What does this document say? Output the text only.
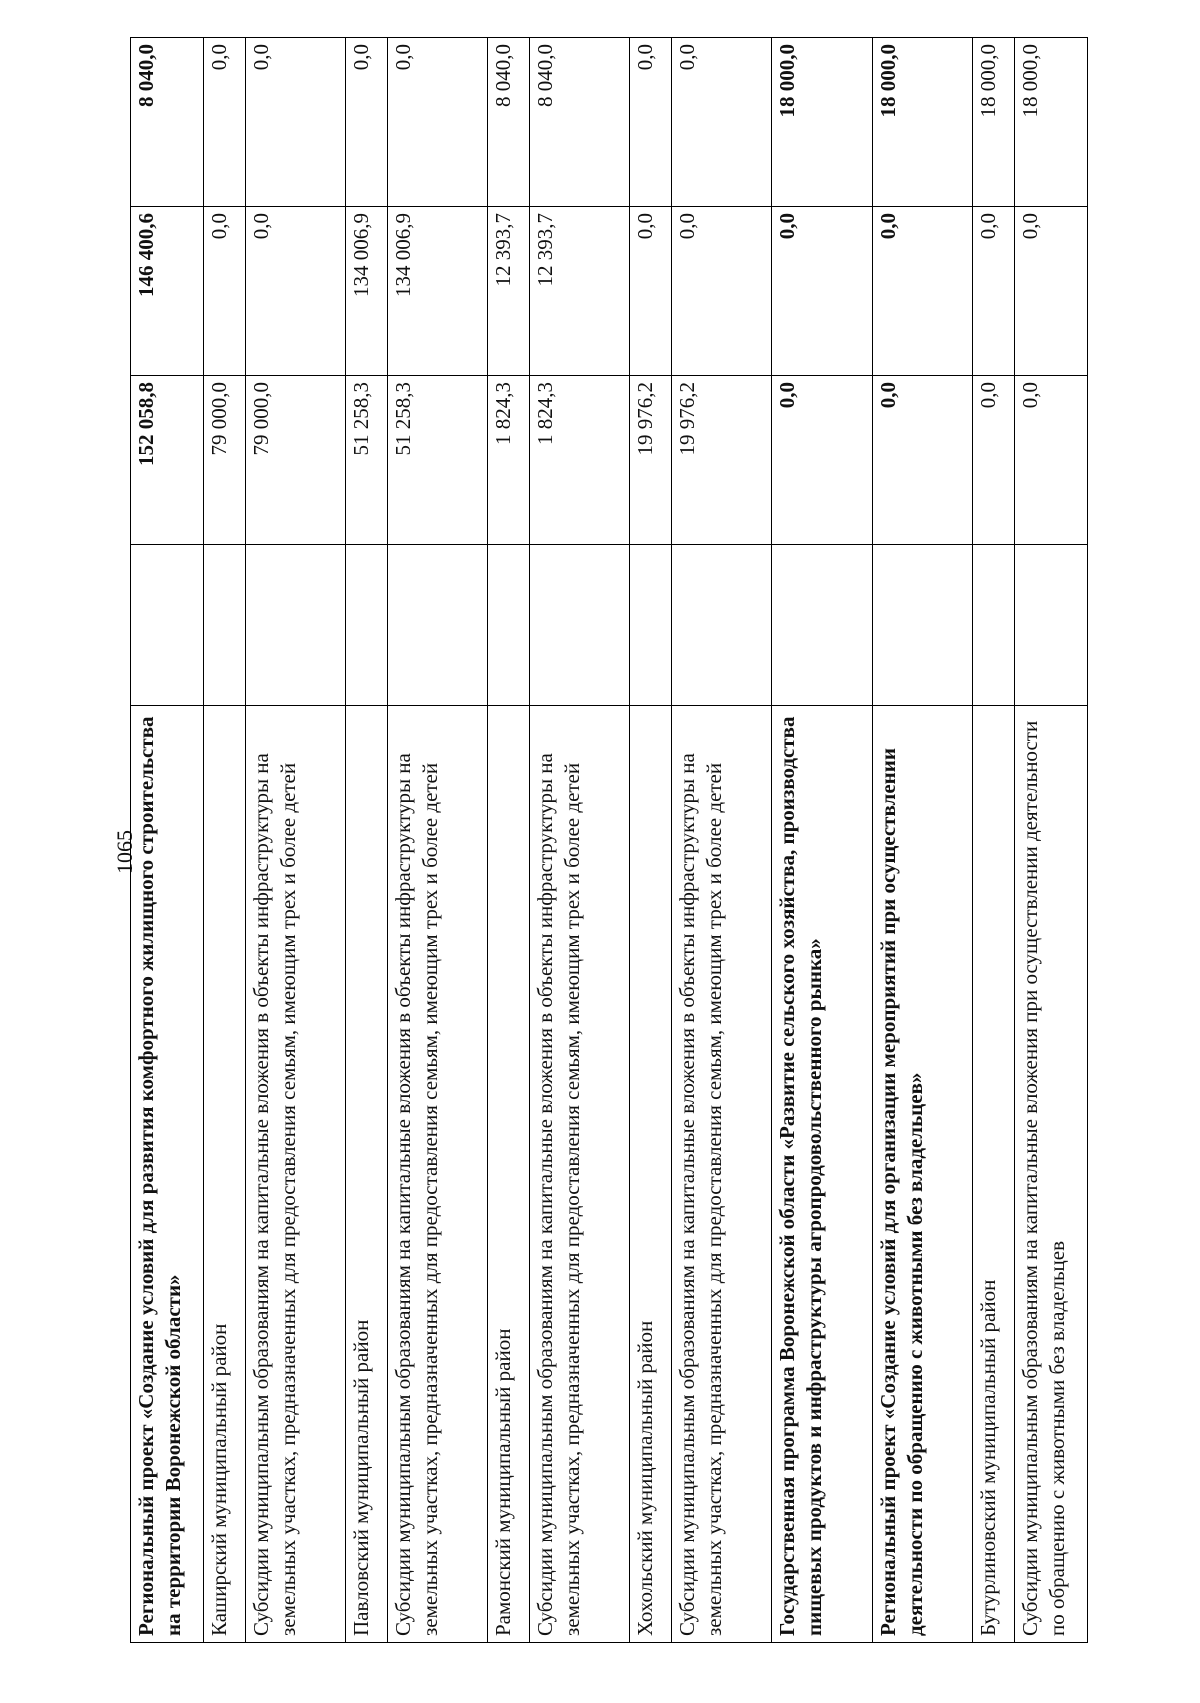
1065
Региональный проект «Создание условий для развития комфортного жилищного строительства на территории Воронежской области»		152 058,8	146 400,6	8 040,0
Каширский муниципальный район		79 000,0	0,0	0,0
Субсидии муниципальным образованиям на капитальные вложения в объекты инфраструктуры на земельных участках, предназначенных для предоставления семьям, имеющим трех и более детей		79 000,0	0,0	0,0
Павловский муниципальный район		51 258,3	134 006,9	0,0
Субсидии муниципальным образованиям на капитальные вложения в объекты инфраструктуры на земельных участках, предназначенных для предоставления семьям, имеющим трех и более детей		51 258,3	134 006,9	0,0
Рамонский муниципальный район		1 824,3	12 393,7	8 040,0
Субсидии муниципальным образованиям на капитальные вложения в объекты инфраструктуры на земельных участках, предназначенных для предоставления семьям, имеющим трех и более детей		1 824,3	12 393,7	8 040,0
Хохольский муниципальный район		19 976,2	0,0	0,0
Субсидии муниципальным образованиям на капитальные вложения в объекты инфраструктуры на земельных участках, предназначенных для предоставления семьям, имеющим трех и более детей		19 976,2	0,0	0,0
Государственная программа Воронежской области «Развитие сельского хозяйства, производства пищевых продуктов и инфраструктуры агропродовольственного рынка»		0,0	0,0	18 000,0
Региональный проект «Создание условий для организации мероприятий при осуществлении деятельности по обращению с животными без владельцев»		0,0	0,0	18 000,0
Бутурлиновский муниципальный район		0,0	0,0	18 000,0
Субсидии муниципальным образованиям на капитальные вложения при осуществлении деятельности по обращению с животными без владельцев		0,0	0,0	18 000,0
